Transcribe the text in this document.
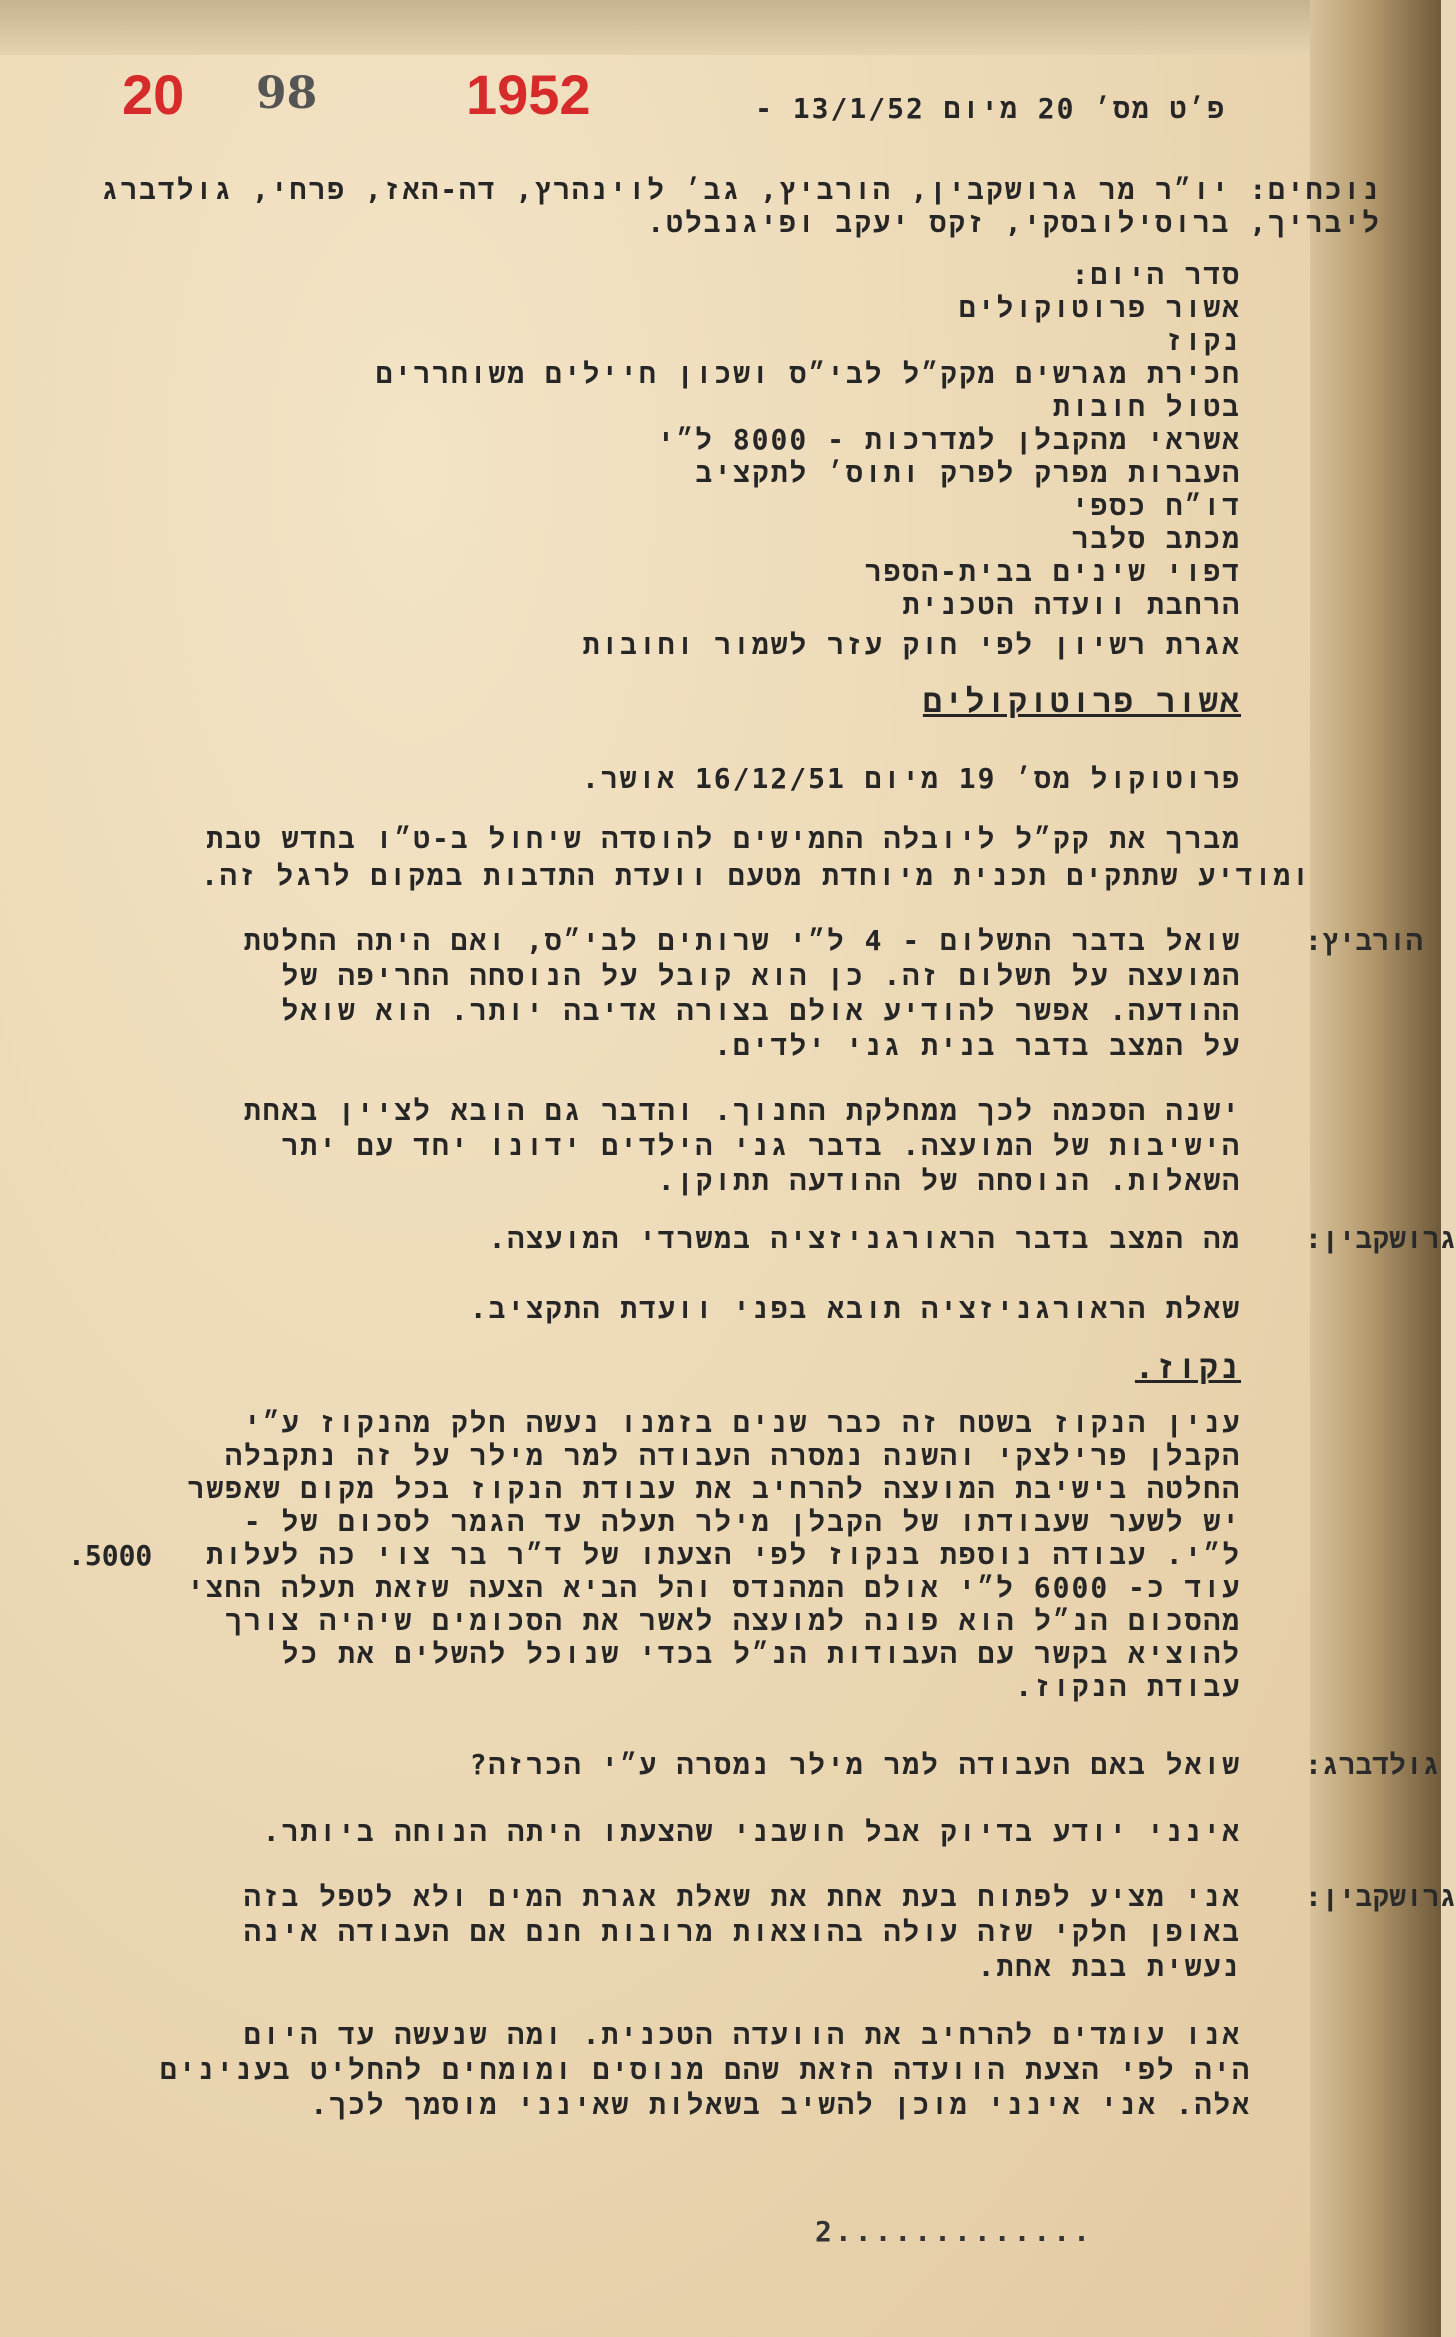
20 98	1952	פ׳ט מס׳ 20 מיום 13/1/52 -
נוכחים: יו״ר מר גרושקבין, הורביץ, גב׳ לוינהרץ, דה-האז, פרחי, גולדברג
ליבריך, ברוסילובסקי, זקס יעקב ופיגנבלט.
סדר היום:
אשור פרוטוקולים
נקוז
חכירת מגרשים מקק״ל לבי״ס ושכון חיילים משוחררים
בטול חובות
אשראי מהקבלן למדרכות - 8000 ל״י
העברות מפרק לפרק ותוס׳ לתקציב
דו״ח כספי
מכתב סלבר
דפוי שינים בבית-הספר
הרחבת וועדה הטכנית
אגרת רשיון לפי חוק עזר לשמור וחובות
אשור פרוטוקולים
פרוטוקול מס׳ 19 מיום 16/12/51 אושר.
מברך את קק״ל ליובלה החמישים להוסדה שיחול ב-ט״ו בחדש טבת
ומודיע שתתקים תכנית מיוחדת מטעם וועדת התדבות במקום לרגל זה.
הורביץ:
שואל בדבר התשלום - 4 ל״י שרותים לבי״ס, ואם היתה החלטת
המועצה על תשלום זה. כן הוא קובל על הנוסחה החריפה של
ההודעה. אפשר להודיע אולם בצורה אדיבה יותר. הוא שואל
על המצב בדבר בנית גני ילדים.
ישנה הסכמה לכך ממחלקת החנוך. והדבר גם הובא לציין באחת
הישיבות של המועצה. בדבר גני הילדים ידונו יחד עם יתר
השאלות. הנוסחה של ההודעה תתוקן.
גרושקבין:
מה המצב בדבר הראורגניזציה במשרדי המועצה.
שאלת הראורגניזציה תובא בפני וועדת התקציב.
נקוז.
ענין הנקוז בשטח זה כבר שנים בזמנו נעשה חלק מהנקוז ע״י
הקבלן פרילצקי והשנה נמסרה העבודה למר מילר על זה נתקבלה
החלטה בישיבת המועצה להרחיב את עבודת הנקוז בכל מקום שאפשר
יש לשער שעבודתו של הקבלן מילר תעלה עד הגמר לסכום של -
5000. ל״י. עבודה נוספת בנקוז לפי הצעתו של ד״ר בר צוי כה לעלות
עוד כ- 6000 ל״י אולם המהנדס והל הביא הצעה שזאת תעלה החצי
מהסכום הנ״ל הוא פונה למועצה לאשר את הסכומים שיהיה צורך
להוציא בקשר עם העבודות הנ״ל בכדי שנוכל להשלים את כל
עבודת הנקוז.
גולדברג:
שואל באם העבודה למר מילר נמסרה ע״י הכרזה?
אינני יודע בדיוק אבל חושבני שהצעתו היתה הנוחה ביותר.
גרושקבין:
אני מציע לפתוח בעת אחת את שאלת אגרת המים ולא לטפל בזה
באופן חלקי שזה עולה בהוצאות מרובות חנם אם העבודה אינה
נעשית בבת אחת.
אנו עומדים להרחיב את הוועדה הטכנית. ומה שנעשה עד היום
היה לפי הצעת הוועדה הזאת שהם מנוסים ומומחים להחליט בענינים
אלה. אני אינני מוכן להשיב בשאלות שאינני מוסמך לכך.
2.............
